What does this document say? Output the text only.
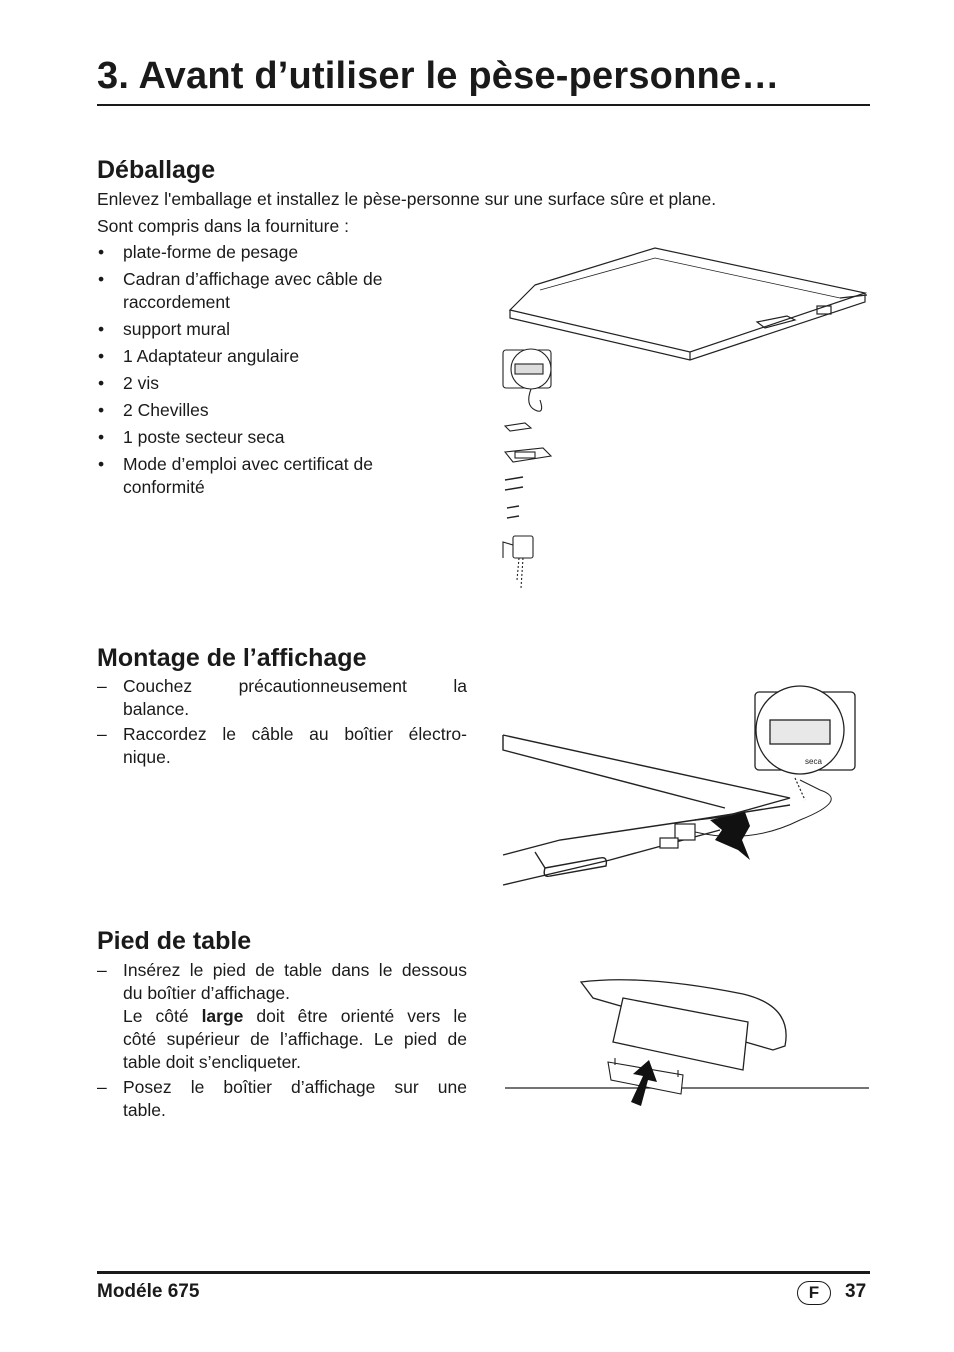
3. Avant d’utiliser le pèse-personne…
Déballage

Enlevez l'emballage et installez le pèse-personne sur une surface sûre et plane.

Sont compris dans la fourniture :

• plate-forme de pesage
• Cadran d’affichage avec câble de raccordement
• support mural
• 1 Adaptateur angulaire
• 2 vis
• 2 Chevilles
• 1 poste secteur seca
• Mode d’emploi avec certificat de conformité
Montage de l’affichage
– Couchez précautionneusement la
balance.
– Raccordez le câble au boîtier électro-
nique.	seca
Pied de table
– Insérez le pied de table dans le dessous
du boîtier d’affichage.
Le côté large doit être orienté vers le
côté supérieur de l’affichage. Le pied de
table doit s’encliqueter.
– Posez le boîtier d’affichage sur une
table.
Modéle 675	F	37
